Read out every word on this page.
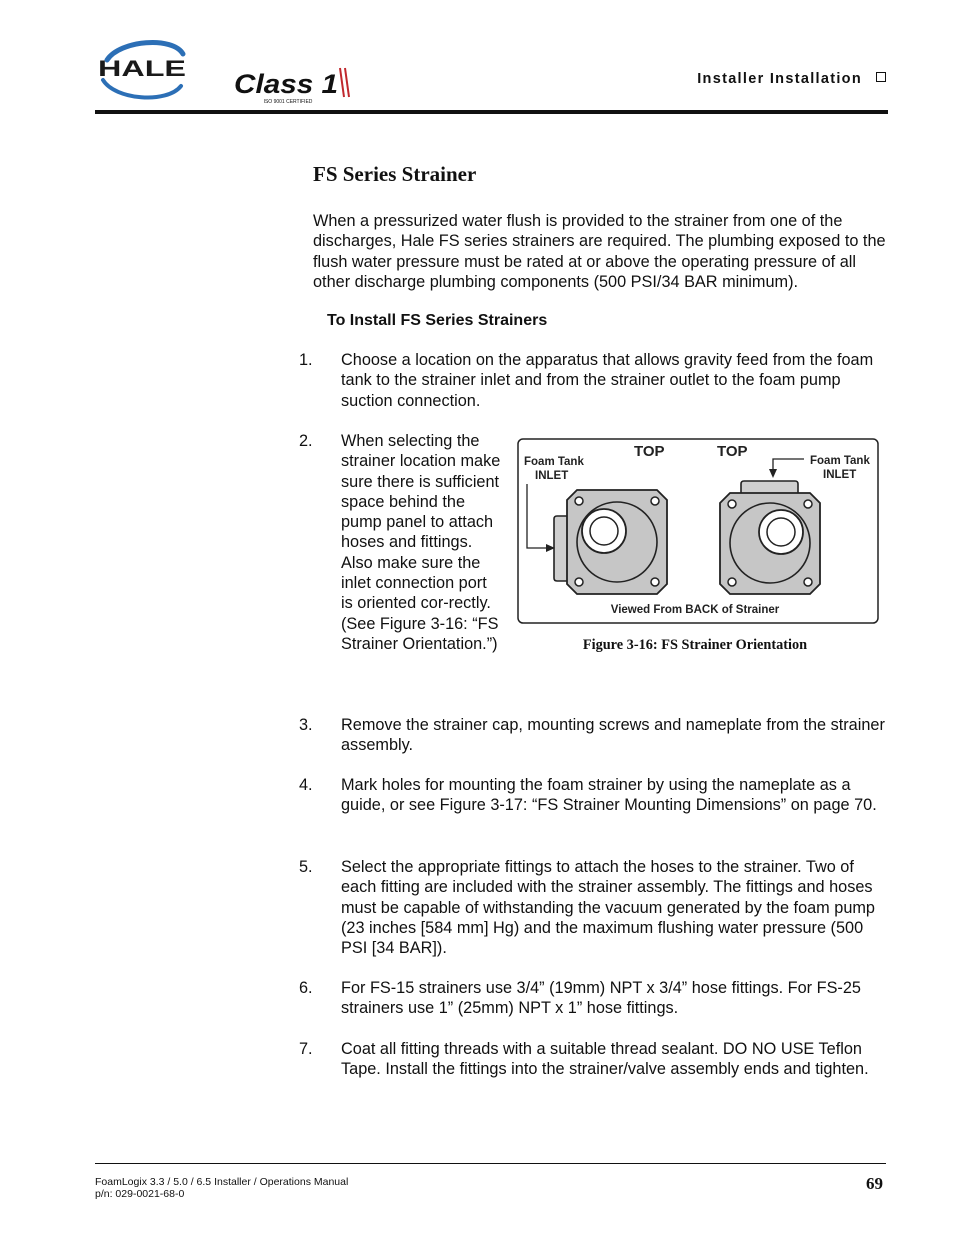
HALE
Class 1
ISO 9001 CERTIFIED
Installer Installation
FS Series Strainer
When a pressurized water flush is provided to the strainer from one of the discharges, Hale FS series strainers are required. The plumbing exposed to the flush water pressure must be rated at or above the operating pressure of all other discharge plumbing components (500 PSI/34 BAR minimum).
To Install FS Series Strainers
1. Choose a location on the apparatus that allows gravity feed from the foam tank to the strainer inlet and from the strainer outlet to the foam pump suction connection.
2. When selecting the strainer location make sure there is sufficient space behind the pump panel to attach hoses and fittings. Also make sure the inlet connection port is oriented cor-rectly. (See Figure 3-16: “FS Strainer Orientation.”)
3. Remove the strainer cap, mounting screws and nameplate from the strainer assembly.
4. Mark holes for mounting the foam strainer by using the nameplate as a guide, or see Figure 3-17: “FS Strainer Mounting Dimensions” on page 70.
5. Select the appropriate fittings to attach the hoses to the strainer. Two of each fitting are included with the strainer assembly. The fittings and hoses must be capable of withstanding the vacuum generated by the foam pump (23 inches [584 mm] Hg) and the maximum flushing water pressure (500 PSI [34 BAR]).
6. For FS-15 strainers use 3/4” (19mm) NPT x 3/4” hose fittings. For FS-25 strainers use 1” (25mm) NPT x 1” hose fittings.
7. Coat all fitting threads with a suitable thread sealant. DO NO USE Teflon Tape. Install the fittings into the strainer/valve assembly ends and tighten.
Foam Tank
INLET
TOP	TOP
Foam Tank
INLET
Viewed From BACK of Strainer
Figure 3-16: FS Strainer Orientation
FoamLogix 3.3 / 5.0 / 6.5 Installer / Operations Manual
p/n: 029-0021-68-0
69
